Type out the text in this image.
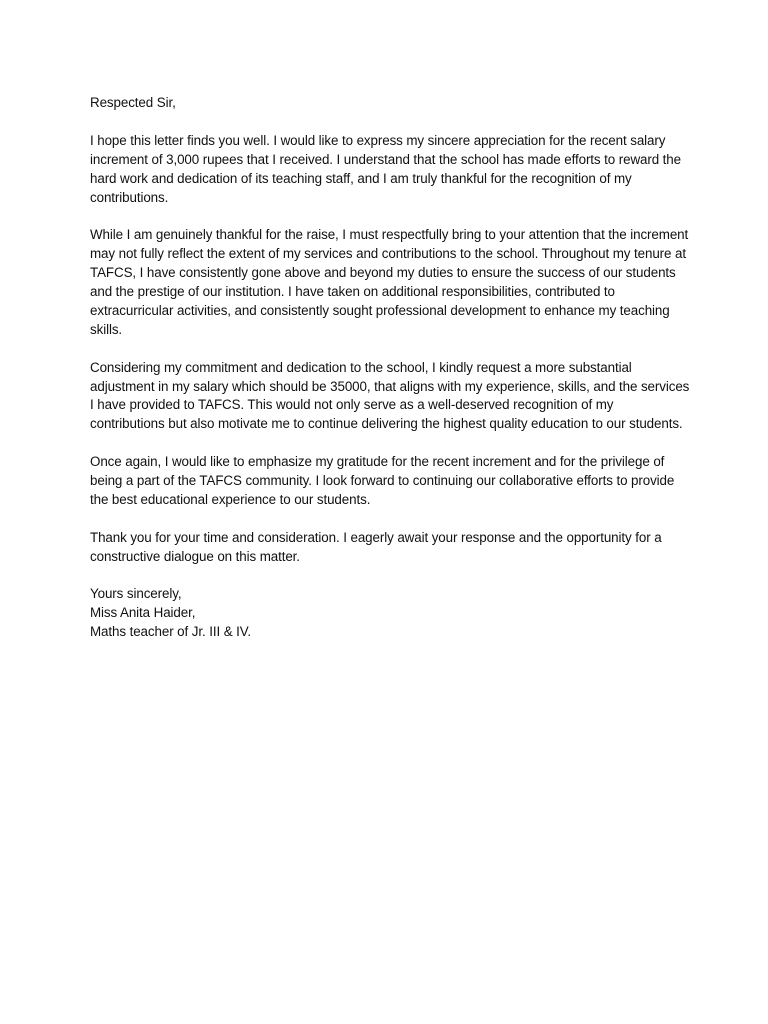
Respected Sir,

I hope this letter finds you well. I would like to express my sincere appreciation for the recent salary increment of 3,000 rupees that I received. I understand that the school has made efforts to reward the hard work and dedication of its teaching staff, and I am truly thankful for the recognition of my contributions.

While I am genuinely thankful for the raise, I must respectfully bring to your attention that the increment may not fully reflect the extent of my services and contributions to the school. Throughout my tenure at TAFCS, I have consistently gone above and beyond my duties to ensure the success of our students and the prestige of our institution. I have taken on additional responsibilities, contributed to extracurricular activities, and consistently sought professional development to enhance my teaching skills.

Considering my commitment and dedication to the school, I kindly request a more substantial adjustment in my salary which should be 35000, that aligns with my experience, skills, and the services I have provided to TAFCS. This would not only serve as a well-deserved recognition of my contributions but also motivate me to continue delivering the highest quality education to our students.

Once again, I would like to emphasize my gratitude for the recent increment and for the privilege of being a part of the TAFCS community. I look forward to continuing our collaborative efforts to provide the best educational experience to our students.

Thank you for your time and consideration. I eagerly await your response and the opportunity for a constructive dialogue on this matter.

Yours sincerely,
Miss Anita Haider,
Maths teacher of Jr. III & IV.
